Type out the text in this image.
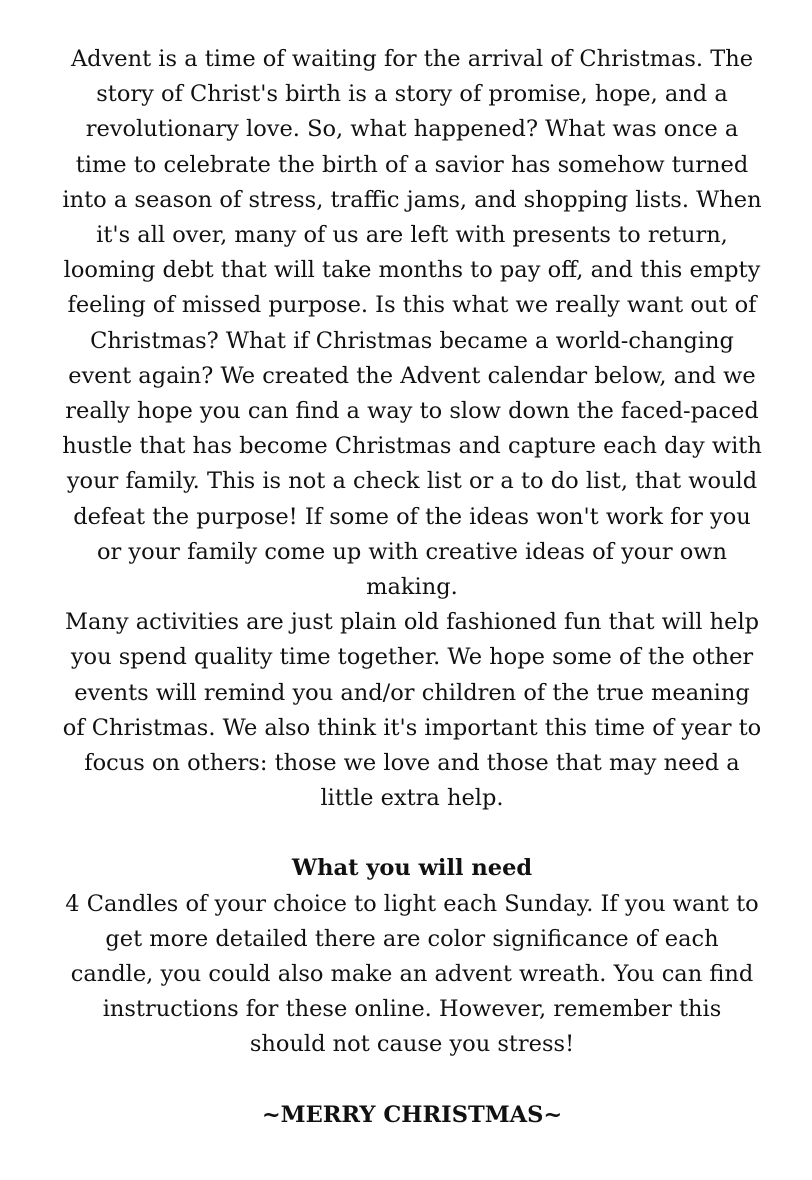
Advent is a time of waiting for the arrival of Christmas. The story of Christ's birth is a story of promise, hope, and a revolutionary love. So, what happened? What was once a time to celebrate the birth of a savior has somehow turned into a season of stress, traffic jams, and shopping lists. When it's all over, many of us are left with presents to return, looming debt that will take months to pay off, and this empty feeling of missed purpose. Is this what we really want out of Christmas? What if Christmas became a world-changing event again? We created the Advent calendar below, and we really hope you can find a way to slow down the faced-paced hustle that has become Christmas and capture each day with your family. This is not a check list or a to do list, that would defeat the purpose! If some of the ideas won't work for you or your family come up with creative ideas of your own making.

Many activities are just plain old fashioned fun that will help you spend quality time together. We hope some of the other events will remind you and/or children of the true meaning of Christmas. We also think it's important this time of year to focus on others: those we love and those that may need a little extra help.

What you will need

4 Candles of your choice to light each Sunday. If you want to get more detailed there are color significance of each candle, you could also make an advent wreath. You can find instructions for these online. However, remember this should not cause you stress!

~MERRY CHRISTMAS~
